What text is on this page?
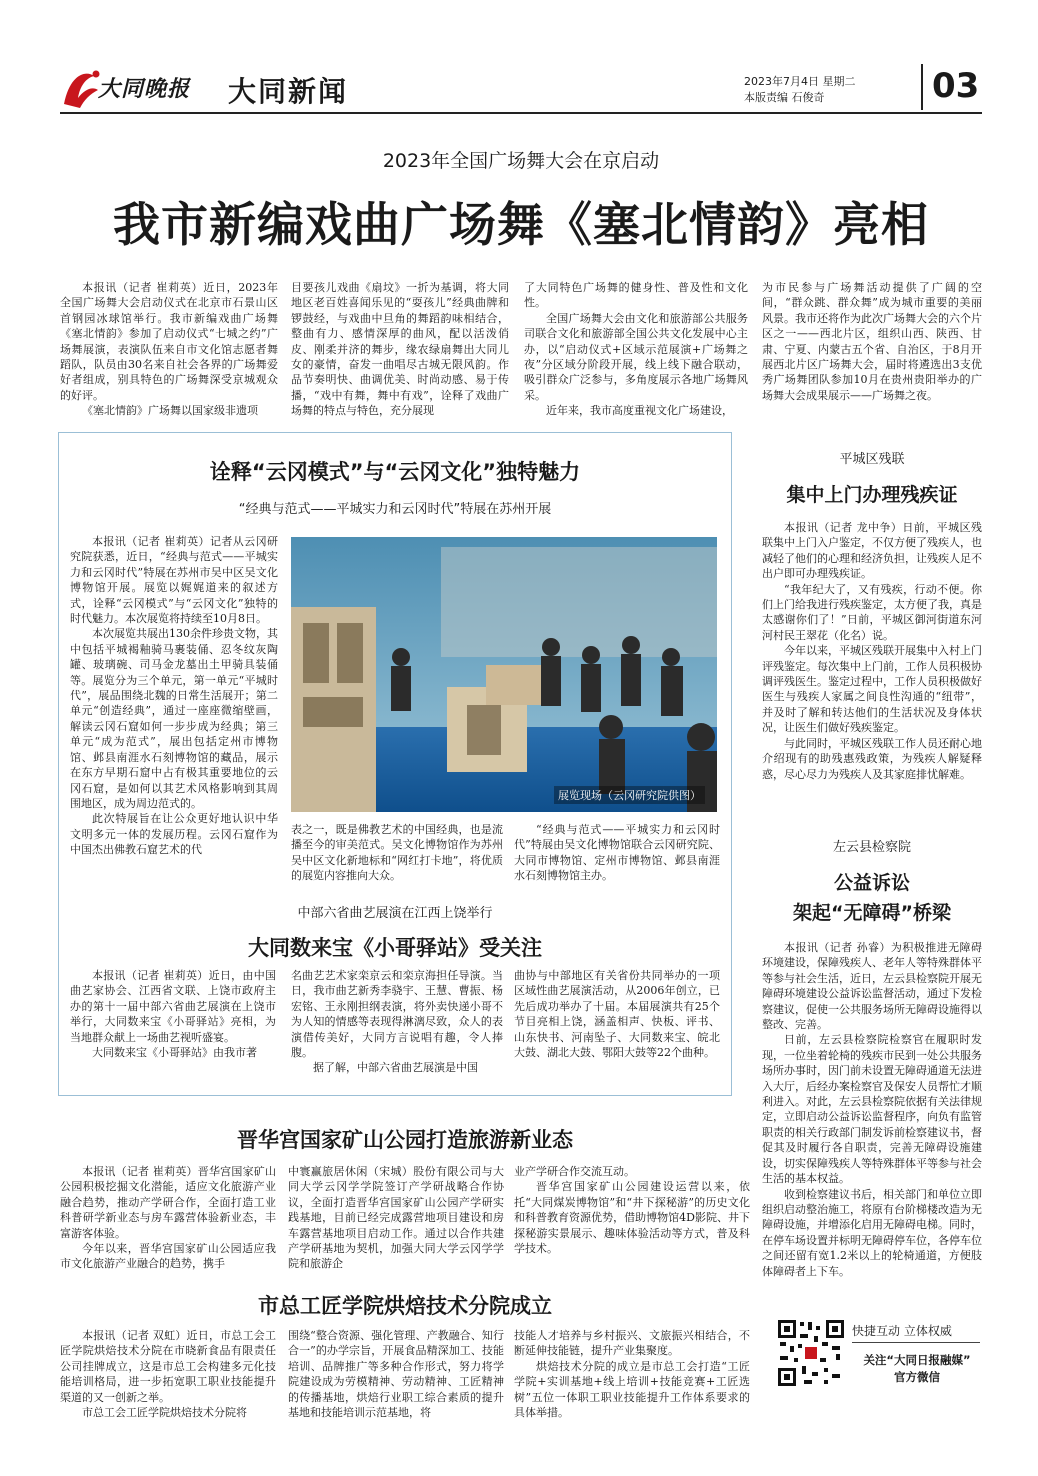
大同晚报 大同新闻	2023年7月4日 星期二
本版责编 石俊奇	03
2023年全国广场舞大会在京启动
我市新编戏曲广场舞《塞北情韵》亮相

本报讯（记者 崔莉英）近日，2023年全国广场舞大会启动仪式在北京市石景山区首钢园冰球馆举行。我市新编戏曲广场舞《塞北情韵》参加了启动仪式“七城之约”广场舞展演，表演队伍来自市文化馆志愿者舞蹈队，队员由30名来自社会各界的广场舞爱好者组成，别具特色的广场舞深受京城观众的好评。

《塞北情韵》广场舞以国家级非遗项

目要孩儿戏曲《扇坟》一折为基调，将大同地区老百姓喜闻乐见的“耍孩儿”经典曲牌和锣鼓经，与戏曲中旦角的舞蹈韵味相结合，整曲有力、感情深厚的曲风，配以活泼俏皮、刚柔并济的舞步，缘农绿扇舞出大同儿女的豪情，奋发一曲唱尽古城无限风韵。作品节奏明快、曲调优美、时尚动感、易于传播，“戏中有舞，舞中有戏”，诠释了戏曲广场舞的特点与特色，充分展现

了大同特色广场舞的健身性、普及性和文化性。

全国广场舞大会由文化和旅游部公共服务司联合文化和旅游部全国公共文化发展中心主办，以“启动仪式+区域示范展演+广场舞之夜”分区域分阶段开展，线上线下融合联动，吸引群众广泛参与，多角度展示各地广场舞风采。

近年来，我市高度重视文化广场建设，

为市民参与广场舞活动提供了广阔的空间，“群众跳、群众舞”成为城市重要的美丽风景。我市还将作为此次广场舞大会的六个片区之一——西北片区，组织山西、陕西、甘肃、宁夏、内蒙古五个省、自治区，于8月开展西北片区广场舞大会，届时将遴选出3支优秀广场舞团队参加10月在贵州贵阳举办的广场舞大会成果展示——广场舞之夜。

诠释“云冈模式”与“云冈文化”独特魅力
“经典与范式——平城实力和云冈时代”特展在苏州开展

本报讯（记者 崔莉英）记者从云冈研究院获悉，近日，“经典与范式——平城实力和云冈时代”特展在苏州市吴中区吴文化博物馆开展。展览以娓娓道来的叙述方式，诠释“云冈模式”与“云冈文化”独特的时代魅力。本次展览将持续至10月8日。

本次展览共展出130余件珍贵文物，其中包括平城褐釉骑马裹装俑、忍冬纹灰陶罐、玻璃碗、司马金龙墓出土甲骑具装俑等。展览分为三个单元，第一单元“平城时代”，展品围绕北魏的日常生活展开；第二单元“创造经典”，通过一座座微缩壁画，解读云冈石窟如何一步步成为经典；第三单元“成为范式”，展出包括定州市博物馆、邺县南涯水石刻博物馆的藏品，展示在东方早期石窟中占有极其重要地位的云冈石窟，是如何以其艺术风格影响到其周围地区，成为周边范式的。

此次特展旨在让公众更好地认识中华文明多元一体的发展历程。云冈石窟作为中国杰出佛教石窟艺术的代

展览现场（云冈研究院供图）

表之一，既是佛教艺术的中国经典，也是流播至今的审美范式。吴文化博物馆作为苏州吴中区文化新地标和“网红打卡地”，将优质的展览内容推向大众。

“经典与范式——平城实力和云冈时代”特展由吴文化博物馆联合云冈研究院、大同市博物馆、定州市博物馆、邺县南涯水石刻博物馆主办。

中部六省曲艺展演在江西上饶举行
大同数来宝《小哥驿站》受关注

本报讯（记者 崔莉英）近日，由中国曲艺家协会、江西省文联、上饶市政府主办的第十一届中部六省曲艺展演在上饶市举行，大同数来宝《小哥驿站》亮相，为当地群众献上一场曲艺视听盛宴。

大同数来宝《小哥驿站》由我市著

名曲艺艺术家栾京云和栾京海担任导演。当日，我市曲艺新秀李骁宇、王慧、曹振、杨宏铭、王永刚担纲表演，将外卖快递小哥不为人知的情感等表现得淋漓尽致，众人的表演借传美好，大同方言说唱有趣，令人捧腹。

据了解，中部六省曲艺展演是中国

曲协与中部地区有关省份共同举办的一项区域性曲艺展演活动，从2006年创立，已先后成功举办了十届。本届展演共有25个节目亮相上饶，涵盖相声、快板、评书、山东快书、河南坠子、大同数来宝、皖北大鼓、湖北大鼓、鄂阳大鼓等22个曲种。

晋华宫国家矿山公园打造旅游新业态

本报讯（记者 崔莉英）晋华宫国家矿山公园积极挖掘文化潜能，适应文化旅游产业融合趋势，推动产学研合作，全面打造工业科普研学新业态与房车露营体验新业态，丰富游客体验。

今年以来，晋华宫国家矿山公园适应我市文化旅游产业融合的趋势，携手

中寰赢旅居休闲（宋城）股份有限公司与大同大学云冈学学院签订产学研战略合作协议，全面打造晋华宫国家矿山公园产学研实践基地，目前已经完成露营地项目建设和房车露营基地项目启动工作。通过以合作共建产学研基地为契机，加强大同大学云冈学学院和旅游企

业产学研合作交流互动。

晋华宫国家矿山公园建设运营以来，依托“大同煤炭博物馆”和“井下探秘游”的历史文化和科普教育资源优势，借助博物馆4D影院、井下探秘游实景展示、趣味体验活动等方式，普及科学技术。

市总工匠学院烘焙技术分院成立

本报讯（记者 双虹）近日，市总工会工匠学院烘焙技术分院在市晓新食品有限责任公司挂牌成立，这是市总工会构建多元化技能培训格局，进一步拓宽职工职业技能提升渠道的又一创新之举。

市总工会工匠学院烘焙技术分院将

围绕“整合资源、强化管理、产教融合、知行合一”的办学宗旨，开展食品精深加工、技能培训、品牌推广等多种合作形式，努力将学院建设成为劳模精神、劳动精神、工匠精神的传播基地，烘焙行业职工综合素质的提升基地和技能培训示范基地，将

技能人才培养与乡村振兴、文旅振兴相结合，不断延伸技能链，提升产业集聚度。

烘焙技术分院的成立是市总工会打造“工匠学院+实训基地+线上培训+技能竞赛+工匠选树”五位一体职工职业技能提升工作体系要求的具体举措。

平城区残联
集中上门办理残疾证

本报讯（记者 龙中争）日前，平城区残联集中上门入户鉴定，不仅方便了残疾人，也减轻了他们的心理和经济负担，让残疾人足不出户即可办理残疾证。

“我年纪大了，又有残疾，行动不便。你们上门给我进行残疾鉴定，太方便了我，真是太感谢你们了！”日前，平城区御河街道东河河村民王翠花（化名）说。

今年以来，平城区残联开展集中入村上门评残鉴定。每次集中上门前，工作人员积极协调评残医生。鉴定过程中，工作人员积极做好医生与残疾人家属之间良性沟通的“纽带”，并及时了解和转达他们的生活状况及身体状况，让医生们做好残疾鉴定。

与此同时，平城区残联工作人员还耐心地介绍现有的助残惠残政策，为残疾人解疑释惑，尽心尽力为残疾人及其家庭排忧解难。

左云县检察院
公益诉讼
架起“无障碍”桥梁

本报讯（记者 孙睿）为积极推进无障碍环境建设，保障残疾人、老年人等特殊群体平等参与社会生活，近日，左云县检察院开展无障碍环境建设公益诉讼监督活动，通过下发检察建议，促使一公共服务场所无障碍设施得以整改、完善。

日前，左云县检察院检察官在履职时发现，一位坐着轮椅的残疾市民到一处公共服务场所办事时，因门前未设置无障碍通道无法进入大厅，后经办案检察官及保安人员帮忙才顺利进入。对此，左云县检察院依据有关法律规定，立即启动公益诉讼监督程序，向负有监管职责的相关行政部门制发诉前检察建议书，督促其及时履行各自职责，完善无障碍设施建设，切实保障残疾人等特殊群体平等参与社会生活的基本权益。

收到检察建议书后，相关部门和单位立即组织启动整治施工，将原有台阶梯楼改造为无障碍设施，并增添化启用无障碍电梯。同时，在停车场设置并标明无障碍停车位，各停车位之间还留有宽1.2米以上的轮椅通道，方便肢体障碍者上下车。

快捷互动 立体权威
关注“大同日报融媒”
官方微信
